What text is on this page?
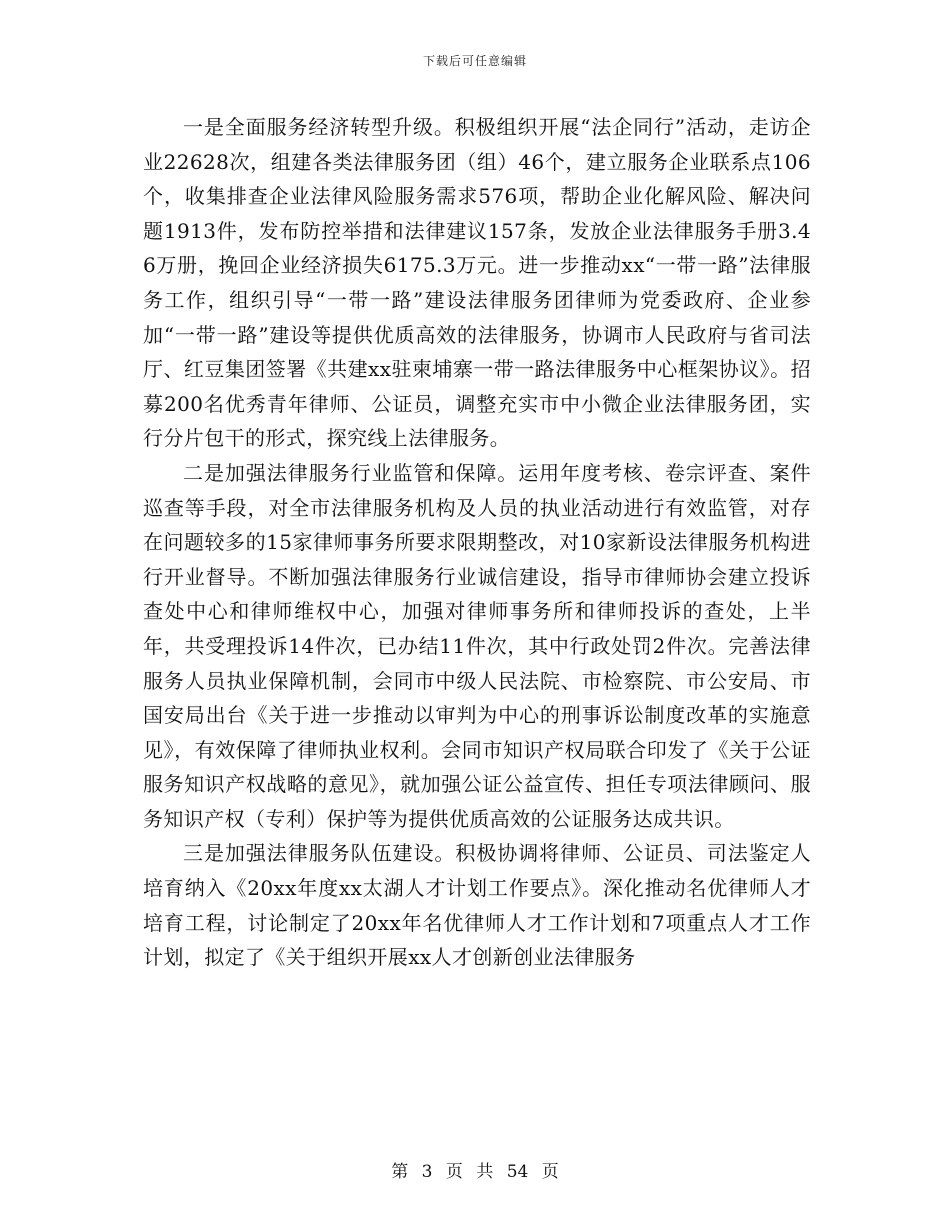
下载后可任意编辑

一是全面服务经济转型升级。积极组织开展“法企同行”活动，走访企业22628次，组建各类法律服务团（组）46个，建立服务企业联系点106个，收集排查企业法律风险服务需求576项，帮助企业化解风险、解决问题1913件，发布防控举措和法律建议157条，发放企业法律服务手册3.46万册，挽回企业经济损失6175.3万元。进一步推动xx“一带一路”法律服务工作，组织引导“一带一路”建设法律服务团律师为党委政府、企业参加“一带一路”建设等提供优质高效的法律服务，协调市人民政府与省司法厅、红豆集团签署《共建xx驻柬埔寨一带一路法律服务中心框架协议》。招募200名优秀青年律师、公证员，调整充实市中小微企业法律服务团，实行分片包干的形式，探究线上法律服务。

二是加强法律服务行业监管和保障。运用年度考核、卷宗评查、案件巡查等手段，对全市法律服务机构及人员的执业活动进行有效监管，对存在问题较多的15家律师事务所要求限期整改，对10家新设法律服务机构进行开业督导。不断加强法律服务行业诚信建设，指导市律师协会建立投诉查处中心和律师维权中心，加强对律师事务所和律师投诉的查处，上半年，共受理投诉14件次，已办结11件次，其中行政处罚2件次。完善法律服务人员执业保障机制，会同市中级人民法院、市检察院、市公安局、市国安局出台《关于进一步推动以审判为中心的刑事诉讼制度改革的实施意见》，有效保障了律师执业权利。会同市知识产权局联合印发了《关于公证服务知识产权战略的意见》，就加强公证公益宣传、担任专项法律顾问、服务知识产权（专利）保护等为提供优质高效的公证服务达成共识。

三是加强法律服务队伍建设。积极协调将律师、公证员、司法鉴定人培育纳入《20xx年度xx太湖人才计划工作要点》。深化推动名优律师人才培育工程，讨论制定了20xx年名优律师人才工作计划和7项重点人才工作计划，拟定了《关于组织开展xx人才创新创业法律服务

第 3 页 共 54 页
